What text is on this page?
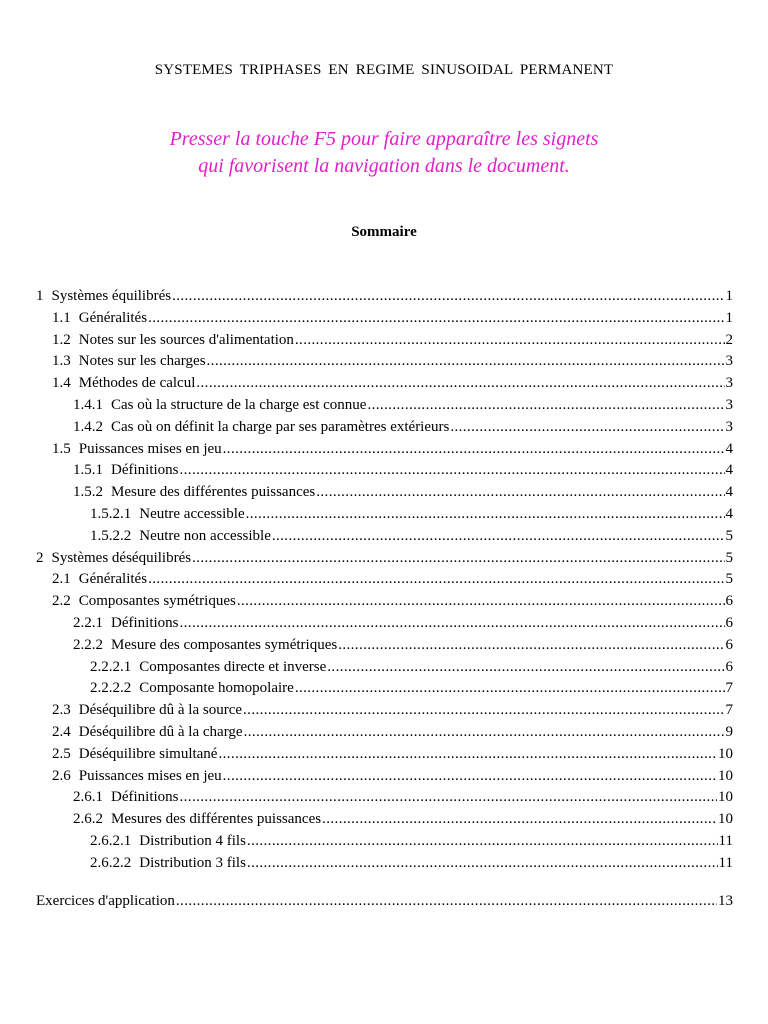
SYSTEMES TRIPHASES EN REGIME SINUSOIDAL PERMANENT
Presser la touche F5 pour faire apparaître les signets
qui favorisent la navigation dans le document.
Sommaire
1 Systèmes équilibrés .....	1
1.1 Généralités .....	1
1.2 Notes sur les sources d'alimentation .....	2
1.3 Notes sur les charges .....	3
1.4 Méthodes de calcul .....	3
1.4.1 Cas où la structure de la charge est connue .....	3
1.4.2 Cas où on définit la charge par ses paramètres extérieurs .....	3
1.5 Puissances mises en jeu .....	4
1.5.1 Définitions .....	4
1.5.2 Mesure des différentes puissances .....	4
1.5.2.1 Neutre accessible .....	4
1.5.2.2 Neutre non accessible .....	5
2 Systèmes déséquilibrés .....	5
2.1 Généralités .....	5
2.2 Composantes symétriques .....	6
2.2.1 Définitions .....	6
2.2.2 Mesure des composantes symétriques .....	6
2.2.2.1 Composantes directe et inverse .....	6
2.2.2.2 Composante homopolaire .....	7
2.3 Déséquilibre dû à la source .....	7
2.4 Déséquilibre dû à la charge .....	9
2.5 Déséquilibre simultané .....	10
2.6 Puissances mises en jeu .....	10
2.6.1 Définitions .....	10
2.6.2 Mesures des différentes puissances .....	10
2.6.2.1 Distribution 4 fils .....	11
2.6.2.2 Distribution 3 fils .....	11
Exercices d'application .....	13
